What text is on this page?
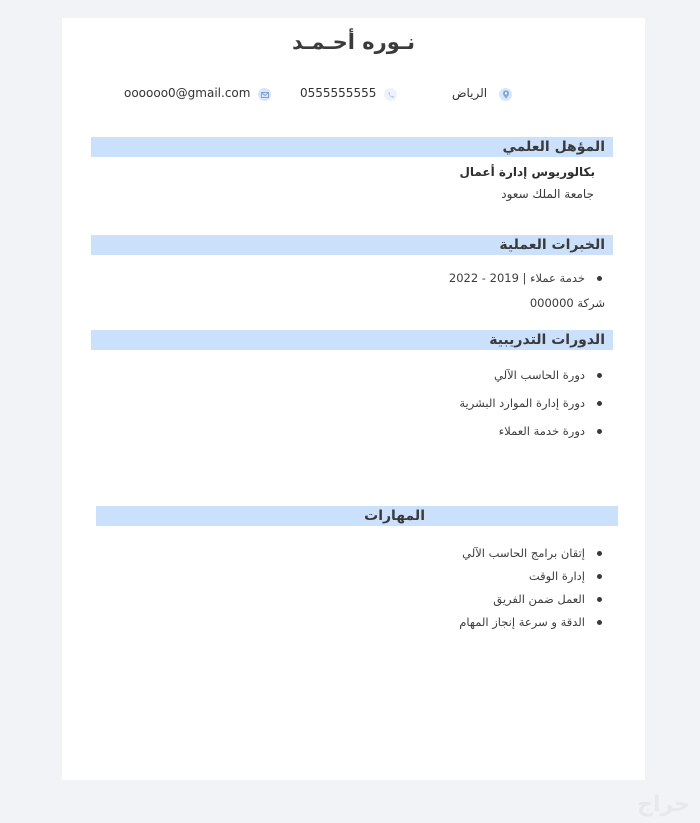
نـوره أحـمـد
oooooo0@gmail.com	0555555555	الرياض
المؤهل العلمي
بكالوريوس إدارة أعمال
جامعة الملك سعود
الخبرات العملية
خدمة عملاء | 2019 - 2022
شركة 000000
الدورات التدريبية
دورة الحاسب الآلي
دورة إدارة الموارد البشرية
دورة خدمة العملاء
المهارات
إتقان برامج الحاسب الآلي
إدارة الوقت
العمل ضمن الفريق
الدقة و سرعة إنجاز المهام
حراج
